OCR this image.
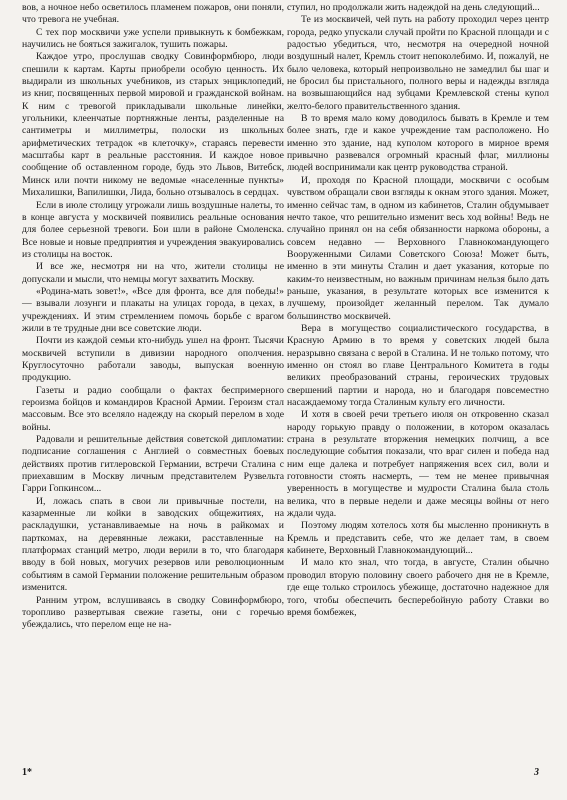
вов, а ночное небо осветилось пламенем пожаров, они поняли, что тревога не учебная.

С тех пор москвичи уже успели привыкнуть к бомбежкам, научились не бояться зажигалок, тушить пожары.

Каждое утро, прослушав сводку Совинформбюро, люди спешили к картам. Карты приобрели особую ценность. Их выдирали из школьных учебников, из старых энциклопедий, из книг, посвященных первой мировой и гражданской войнам. К ним с тревогой прикладывали школьные линейки, угольники, клеенчатые портняжные ленты, разделенные на сантиметры и миллиметры, полоски из школьных арифметических тетрадок «в клеточку», стараясь перевести масштабы карт в реальные расстояния. И каждое новое сообщение об оставленном городе, будь это Львов, Витебск, Минск или почти никому не ведомые «населенные пункты» Михалишки, Вапилишки, Лида, больно отзывалось в сердцах.

Если в июле столицу угрожали лишь воздушные налеты, то в конце августа у москвичей появились реальные основания для более серьезной тревоги. Бои шли в районе Смоленска. Все новые и новые предприятия и учреждения эвакуировались из столицы на восток.

И все же, несмотря ни на что, жители столицы не допускали и мысли, что немцы могут захватить Москву.

«Родина-мать зовет!», «Все для фронта, все для победы!» — взывали лозунги и плакаты на улицах города, в цехах, в учреждениях. И этим стремлением помочь борьбе с врагом жили в те трудные дни все советские люди.

Почти из каждой семьи кто-нибудь ушел на фронт. Тысячи москвичей вступили в дивизии народного ополчения. Круглосуточно работали заводы, выпуская военную продукцию.

Газеты и радио сообщали о фактах беспримерного героизма бойцов и командиров Красной Армии. Героизм стал массовым. Все это вселяло надежду на скорый перелом в ходе войны.

Радовали и решительные действия советской дипломатии: подписание соглашения с Англией о совместных боевых действиях против гитлеровской Германии, встречи Сталина с приехавшим в Москву личным представителем Рузвельта Гарри Гопкинсом...

И, ложась спать в свои ли привычные постели, на казарменные ли койки в заводских общежитиях, на раскладушки, устанавливаемые на ночь в райкомах и парткомах, на деревянные лежаки, расставленные на платформах станций метро, люди верили в то, что благодаря вводу в бой новых, могучих резервов или революционным событиям в самой Германии положение решительным образом изменится.

Ранним утром, вслушиваясь в сводку Совинформбюро, торопливо развертывая свежие газеты, они с горечью убеждались, что перелом еще не на-

ступил, но продолжали жить надеждой на день следующий...

Те из москвичей, чей путь на работу проходил через центр города, редко упускали случай пройти по Красной площади и с радостью убедиться, что, несмотря на очередной ночной воздушный налет, Кремль стоит непоколебимо. И, пожалуй, не было человека, который непроизвольно не замедлил бы шаг и не бросил бы пристального, полного веры и надежды взгляда на возвышающийся над зубцами Кремлевской стены купол желто-белого правительственного здания.

В то время мало кому доводилось бывать в Кремле и тем более знать, где и какое учреждение там расположено. Но именно это здание, над куполом которого в мирное время привычно развевался огромный красный флаг, миллионы людей воспринимали как центр руководства страной.

И, проходя по Красной площади, москвичи с особым чувством обращали свои взгляды к окнам этого здания. Может, именно сейчас там, в одном из кабинетов, Сталин обдумывает нечто такое, что решительно изменит весь ход войны! Ведь не случайно принял он на себя обязанности наркома обороны, а совсем недавно — Верховного Главнокомандующего Вооруженными Силами Советского Союза! Может быть, именно в эти минуты Сталин и дает указания, которые по каким-то неизвестным, но важным причинам нельзя было дать раньше, указания, в результате которых все изменится к лучшему, произойдет желанный перелом. Так думало большинство москвичей.

Вера в могущество социалистического государства, в Красную Армию в то время у советских людей была неразрывно связана с верой в Сталина. И не только потому, что именно он стоял во главе Центрального Комитета в годы великих преобразований страны, героических трудовых свершений партии и народа, но и благодаря повсеместно насаждаемому тогда Сталиным культу его личности.

И хотя в своей речи третьего июля он откровенно сказал народу горькую правду о положении, в котором оказалась страна в результате вторжения немецких полчищ, а все последующие события показали, что враг силен и победа над ним еще далека и потребует напряжения всех сил, воли и готовности стоять насмерть, — тем не менее привычная уверенность в могуществе и мудрости Сталина была столь велика, что в первые недели и даже месяцы войны от него ждали чуда.

Поэтому людям хотелось хотя бы мысленно проникнуть в Кремль и представить себе, что же делает там, в своем кабинете, Верховный Главнокомандующий...

И мало кто знал, что тогда, в августе, Сталин обычно проводил вторую половину своего рабочего дня не в Кремле, где еще только строилось убежище, достаточно надежное для того, чтобы обеспечить бесперебойную работу Ставки во время бомбежек,

1*	3
